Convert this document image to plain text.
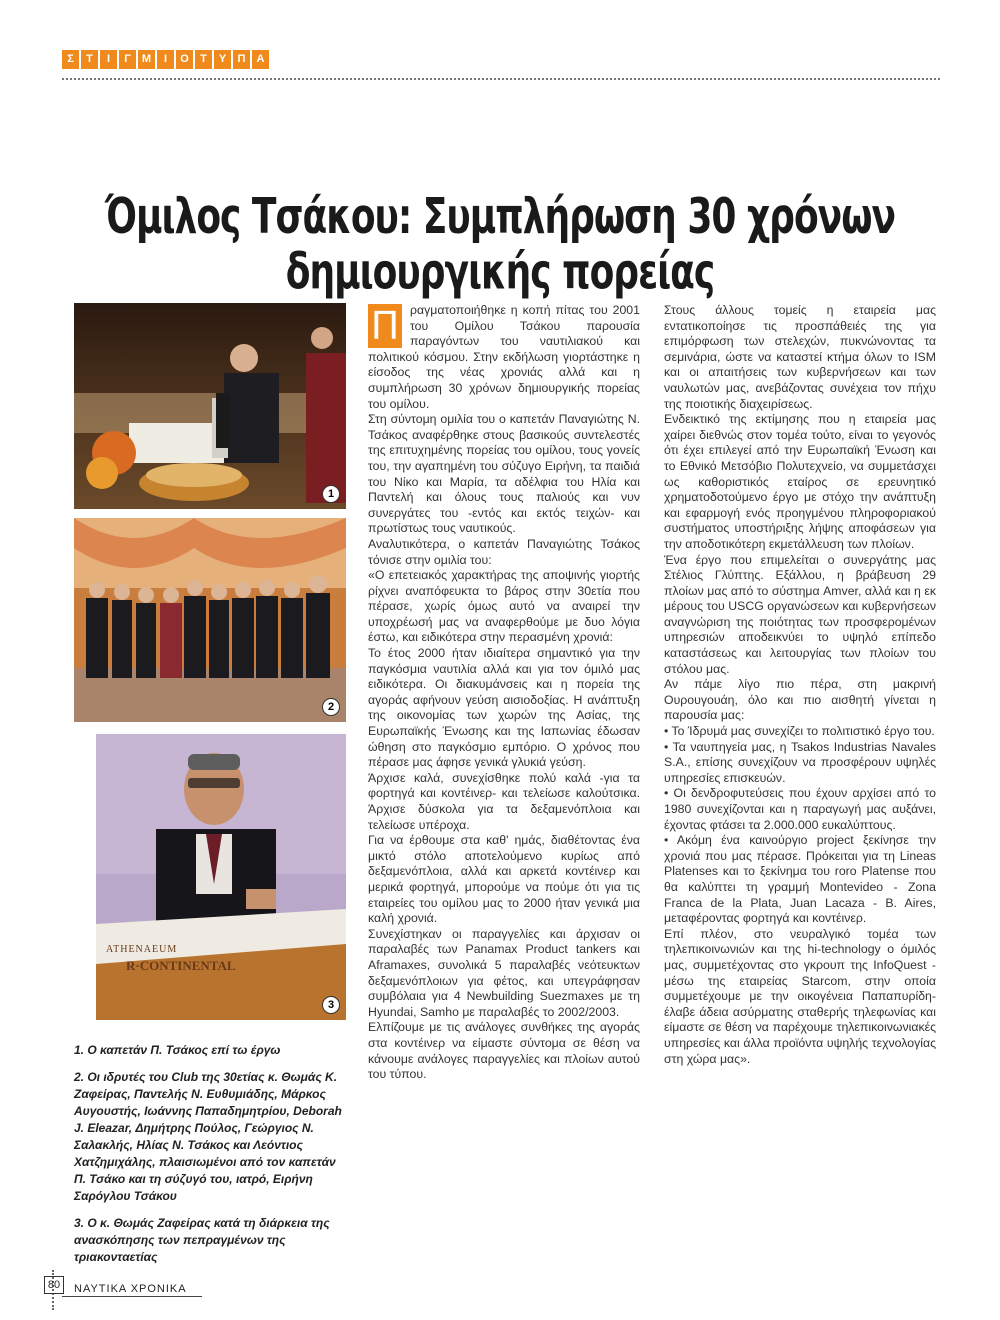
Σ	Τ	Ι	Γ	Μ	Ι	Ο	Τ	Υ	Π	Α
Όμιλος Τσάκου: Συμπλήρωση 30 χρόνων δημιουργικής πορείας
1
2
ATHENAEUM
R·CONTINENTAL
3

1. Ο καπετάν Π. Τσάκος επί τω έργω

2. Οι ιδρυτές του Club της 30ετίας κ. Θωμάς Κ. Ζαφείρας, Παντελής Ν. Ευθυμιάδης, Μάρκος Αυγουστής, Ιωάννης Παπαδημητρίου, Deborah J. Eleazar, Δημήτρης Πούλος, Γεώργιος Ν. Σαλακλής, Ηλίας Ν. Τσάκος και Λεόντιος Χατζημιχάλης, πλαισιωμένοι από τον καπετάν Π. Τσάκο και τη σύζυγό του, ιατρό, Ειρήνη Σαρόγλου Τσάκου

3. Ο κ. Θωμάς Ζαφείρας κατά τη διάρκεια της ανασκόπησης των πεπραγμένων της τριακονταετίας

Π ραγματοποιήθηκε η κοπή πίτας του 2001 του Ομίλου Τσάκου παρουσία παραγόντων του ναυτιλιακού και πολιτικού κόσμου. Στην εκδήλωση γιορτάστηκε η είσοδος της νέας χρονιάς αλλά και η συμπλήρωση 30 χρόνων δημιουργικής πορείας του ομίλου.

Στη σύντομη ομιλία του ο καπετάν Παναγιώτης Ν. Τσάκος αναφέρθηκε στους βασικούς συντελεστές της επιτυχημένης πορείας του ομίλου, τους γονείς του, την αγαπημένη του σύζυγο Ειρήνη, τα παιδιά του Νίκο και Μαρία, τα αδέλφια του Ηλία και Παντελή και όλους τους παλιούς και νυν συνεργάτες του -εντός και εκτός τειχών- και πρωτίστως τους ναυτικούς.

Αναλυτικότερα, ο καπετάν Παναγιώτης Τσάκος τόνισε στην ομιλία του:

«Ο επετειακός χαρακτήρας της αποψινής γιορτής ρίχνει αναπόφευκτα το βάρος στην 30ετία που πέρασε, χωρίς όμως αυτό να αναιρεί την υποχρέωσή μας να αναφερθούμε με δυο λόγια έστω, και ειδικότερα στην περασμένη χρονιά:

Το έτος 2000 ήταν ιδιαίτερα σημαντικό για την παγκόσμια ναυτιλία αλλά και για τον όμιλό μας ειδικότερα. Οι διακυμάνσεις και η πορεία της αγοράς αφήνουν γεύση αισιοδοξίας. Η ανάπτυξη της οικονομίας των χωρών της Ασίας, της Ευρωπαϊκής Ένωσης και της Ιαπωνίας έδωσαν ώθηση στο παγκόσμιο εμπόριο. Ο χρόνος που πέρασε μας άφησε γενικά γλυκιά γεύση.

Άρχισε καλά, συνεχίσθηκε πολύ καλά -για τα φορτηγά και κοντέινερ- και τελείωσε καλούτσικα. Άρχισε δύσκολα για τα δεξαμενόπλοια και τελείωσε υπέροχα.

Για να έρθουμε στα καθ' ημάς, διαθέτοντας ένα μικτό στόλο αποτελούμενο κυρίως από δεξαμενόπλοια, αλλά και αρκετά κοντέινερ και μερικά φορτηγά, μπορούμε να πούμε ότι για τις εταιρείες του ομίλου μας το 2000 ήταν γενικά μια καλή χρονιά.

Συνεχίστηκαν οι παραγγελίες και άρχισαν οι παραλαβές των Panamax Product tankers και Aframaxes, συνολικά 5 παραλαβές νεότευκτων δεξαμενόπλοιων για φέτος, και υπεγράφησαν συμβόλαια για 4 Newbuilding Suezmaxes με τη Hyundai, Samho με παραλαβές το 2002/2003.

Ελπίζουμε με τις ανάλογες συνθήκες της αγοράς στα κοντέινερ να είμαστε σύντομα σε θέση να κάνουμε ανάλογες παραγγελίες και πλοίων αυτού του τύπου.

Στους άλλους τομείς η εταιρεία μας εντατικοποίησε τις προσπάθειές της για επιμόρφωση των στελεχών, πυκνώνοντας τα σεμινάρια, ώστε να καταστεί κτήμα όλων το ISM και οι απαιτήσεις των κυβερνήσεων και των ναυλωτών μας, ανεβάζοντας συνέχεια τον πήχυ της ποιοτικής διαχειρίσεως.

Ενδεικτικό της εκτίμησης που η εταιρεία μας χαίρει διεθνώς στον τομέα τούτο, είναι το γεγονός ότι έχει επιλεγεί από την Ευρωπαϊκή Ένωση και το Εθνικό Μετσόβιο Πολυτεχνείο, να συμμετάσχει ως καθοριστικός εταίρος σε ερευνητικό χρηματοδοτούμενο έργο με στόχο την ανάπτυξη και εφαρμογή ενός προηγμένου πληροφοριακού συστήματος υποστήριξης λήψης αποφάσεων για την αποδοτικότερη εκμετάλλευση των πλοίων.

Ένα έργο που επιμελείται ο συνεργάτης μας Στέλιος Γλύπτης. Εξάλλου, η βράβευση 29 πλοίων μας από το σύστημα Amver, αλλά και η εκ μέρους του USCG οργανώσεων και κυβερνήσεων αναγνώριση της ποιότητας των προσφερομένων υπηρεσιών αποδεικνύει το υψηλό επίπεδο καταστάσεως και λειτουργίας των πλοίων του στόλου μας.

Αν πάμε λίγο πιο πέρα, στη μακρινή Ουρουγουάη, όλο και πιο αισθητή γίνεται η παρουσία μας:

• Το Ίδρυμά μας συνεχίζει το πολιτιστικό έργο του.

• Τα ναυπηγεία μας, η Tsakos Industrias Navales S.A., επίσης συνεχίζουν να προσφέρουν υψηλές υπηρεσίες επισκευών.

• Οι δενδροφυτεύσεις που έχουν αρχίσει από το 1980 συνεχίζονται και η παραγωγή μας αυξάνει, έχοντας φτάσει τα 2.000.000 ευκαλύπτους.

• Ακόμη ένα καινούργιο project ξεκίνησε την χρονιά που μας πέρασε. Πρόκειται για τη Lineas Platenses και το ξεκίνημα του roro Platense που θα καλύπτει τη γραμμή Montevideo - Zona Franca de la Plata, Juan Lacaza - B. Aires, μεταφέροντας φορτηγά και κοντέινερ.

Επί πλέον, στο νευραλγικό τομέα των τηλεπικοινωνιών και της hi-technology ο όμιλός μας, συμμετέχοντας στο γκρουπ της InfoQuest - μέσω της εταιρείας Starcom, στην οποία συμμετέχουμε με την οικογένεια Παπαπυρίδη- έλαβε άδεια ασύρματης σταθερής τηλεφωνίας και είμαστε σε θέση να παρέχουμε τηλεπικοινωνιακές υπηρεσίες και άλλα προϊόντα υψηλής τεχνολογίας στη χώρα μας».

80	ΝΑΥΤΙΚΑ ΧΡΟΝΙΚΑ
